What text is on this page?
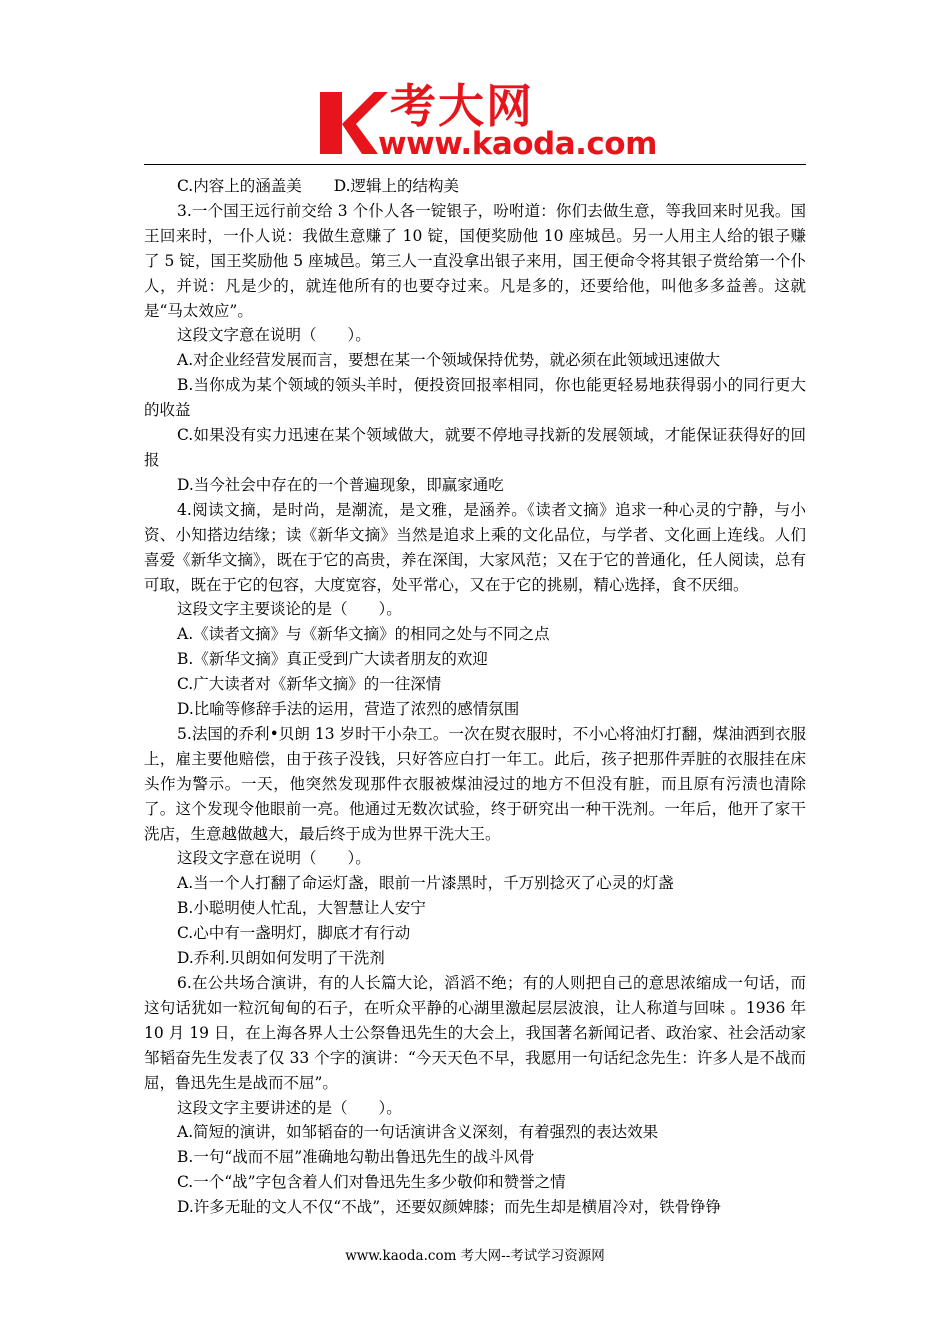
考大网
www.kaoda.com

C.内容上的涵盖美 D.逻辑上的结构美

3.一个国王远行前交给 3 个仆人各一锭银子，吩咐道：你们去做生意，等我回来时见我。国王回来时，一仆人说：我做生意赚了 10 锭，国便奖励他 10 座城邑。另一人用主人给的银子赚了 5 锭，国王奖励他 5 座城邑。第三人一直没拿出银子来用，国王便命令将其银子赏给第一个仆人，并说：凡是少的，就连他所有的也要夺过来。凡是多的，还要给他，叫他多多益善。这就是“马太效应”。

这段文字意在说明（　　）。

A.对企业经营发展而言，要想在某一个领域保持优势，就必须在此领域迅速做大

B.当你成为某个领域的领头羊时，便投资回报率相同，你也能更轻易地获得弱小的同行更大的收益

C.如果没有实力迅速在某个领域做大，就要不停地寻找新的发展领域，才能保证获得好的回报

D.当今社会中存在的一个普遍现象，即赢家通吃

4.阅读文摘，是时尚，是潮流，是文雅，是涵养。《读者文摘》追求一种心灵的宁静，与小资、小知搭边结缘；读《新华文摘》当然是追求上乘的文化品位，与学者、文化画上连线。人们喜爱《新华文摘》，既在于它的高贵，养在深闺，大家风范；又在于它的普通化，任人阅读，总有可取，既在于它的包容，大度宽容，处平常心，又在于它的挑剔，精心选择，食不厌细。

这段文字主要谈论的是（　　）。

A.《读者文摘》与《新华文摘》的相同之处与不同之点

B.《新华文摘》真正受到广大读者朋友的欢迎

C.广大读者对《新华文摘》的一往深情

D.比喻等修辞手法的运用，营造了浓烈的感情氛围

5.法国的乔利•贝朗 13 岁时干小杂工。一次在熨衣服时，不小心将油灯打翻，煤油洒到衣服上，雇主要他赔偿，由于孩子没钱，只好答应白打一年工。此后，孩子把那件弄脏的衣服挂在床头作为警示。一天，他突然发现那件衣服被煤油浸过的地方不但没有脏，而且原有污渍也清除了。这个发现令他眼前一亮。他通过无数次试验，终于研究出一种干洗剂。一年后，他开了家干洗店，生意越做越大，最后终于成为世界干洗大王。

这段文字意在说明（　　）。

A.当一个人打翻了命运灯盏，眼前一片漆黑时，千万别捻灭了心灵的灯盏

B.小聪明使人忙乱，大智慧让人安宁

C.心中有一盏明灯，脚底才有行动

D.乔利.贝朗如何发明了干洗剂

6.在公共场合演讲，有的人长篇大论，滔滔不绝；有的人则把自己的意思浓缩成一句话，而这句话犹如一粒沉甸甸的石子，在听众平静的心湖里激起层层波浪，让人称道与回味 。1936 年 10 月 19 日，在上海各界人士公祭鲁迅先生的大会上，我国著名新闻记者、政治家、社会活动家邹韬奋先生发表了仅 33 个字的演讲：“今天天色不早，我愿用一句话纪念先生：许多人是不战而屈，鲁迅先生是战而不屈”。

这段文字主要讲述的是（　　）。

A.简短的演讲，如邹韬奋的一句话演讲含义深刻，有着强烈的表达效果

B.一句“战而不屈”准确地勾勒出鲁迅先生的战斗风骨

C.一个“战”字包含着人们对鲁迅先生多少敬仰和赞誉之情

D.许多无耻的文人不仅“不战”，还要奴颜婢膝；而先生却是横眉冷对，铁骨铮铮

www.kaoda.com 考大网--考试学习资源网
